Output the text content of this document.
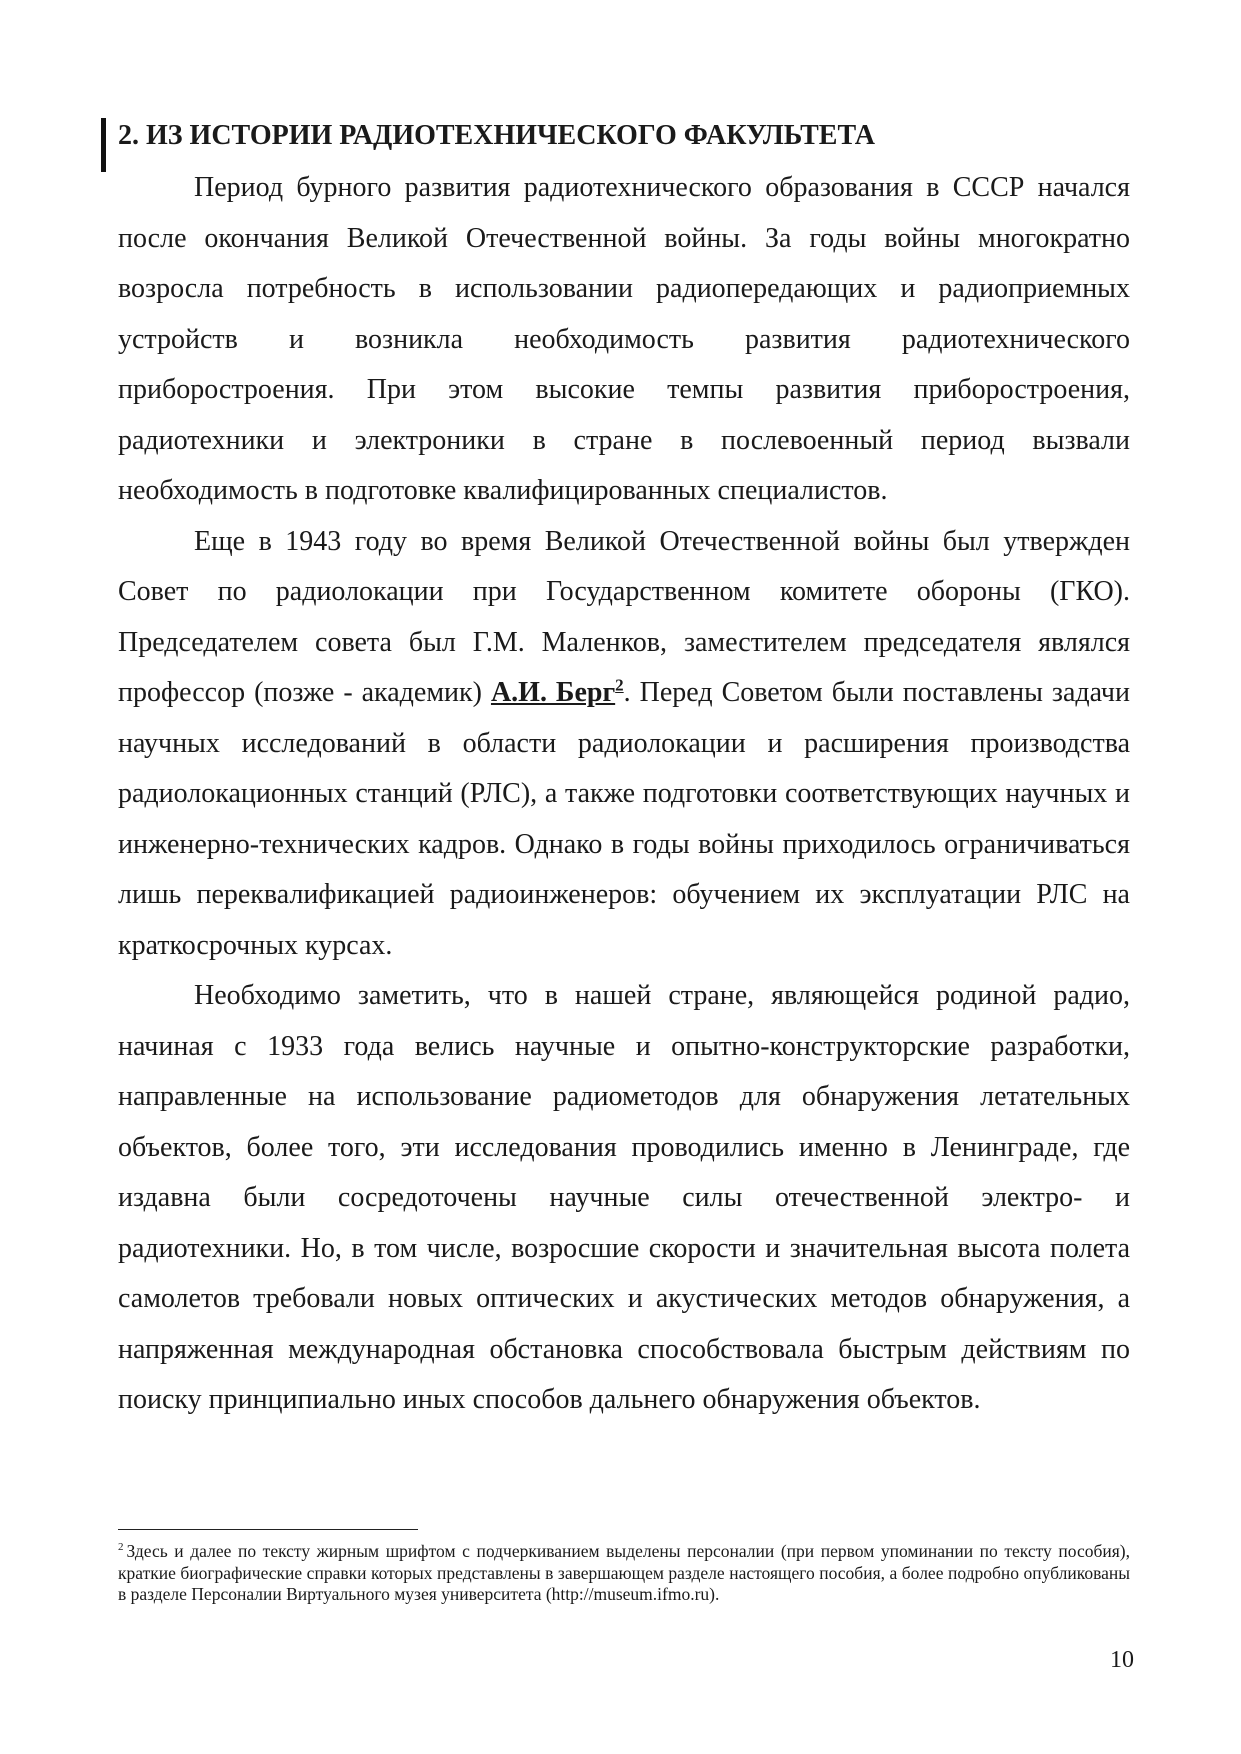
2. ИЗ ИСТОРИИ РАДИОТЕХНИЧЕСКОГО ФАКУЛЬТЕТА

Период бурного развития радиотехнического образования в СССР начался после окончания Великой Отечественной войны. За годы войны многократно возросла потребность в использовании радиопередающих и радиоприемных устройств и возникла необходимость развития радиотехнического приборостроения. При этом высокие темпы развития приборостроения, радиотехники и электроники в стране в послевоенный период вызвали необходимость в подготовке квалифицированных специалистов.

Еще в 1943 году во время Великой Отечественной войны был утвержден Совет по радиолокации при Государственном комитете обороны (ГКО). Председателем совета был Г.М. Маленков, заместителем председателя являлся профессор (позже - академик) А.И. Берг$^2$. Перед Советом были поставлены задачи научных исследований в области радиолокации и расширения производства радиолокационных станций (РЛС), а также подготовки соответствующих научных и инженерно-технических кадров. Однако в годы войны приходилось ограничиваться лишь переквалификацией радиоинженеров: обучением их эксплуатации РЛС на краткосрочных курсах.

Необходимо заметить, что в нашей стране, являющейся родиной радио, начиная с 1933 года велись научные и опытно-конструкторские разработки, направленные на использование радиометодов для обнаружения летательных объектов, более того, эти исследования проводились именно в Ленинграде, где издавна были сосредоточены научные силы отечественной электро- и радиотехники. Но, в том числе, возросшие скорости и значительная высота полета самолетов требовали новых оптических и акустических методов обнаружения, а напряженная международная обстановка способствовала быстрым действиям по поиску принципиально иных способов дальнего обнаружения объектов.

$^2$ Здесь и далее по тексту жирным шрифтом с подчеркиванием выделены персоналии (при первом упоминании по тексту пособия), краткие биографические справки которых представлены в завершающем разделе настоящего пособия, а более подробно опубликованы в разделе Персоналии Виртуального музея университета (http://museum.ifmo.ru).

10
